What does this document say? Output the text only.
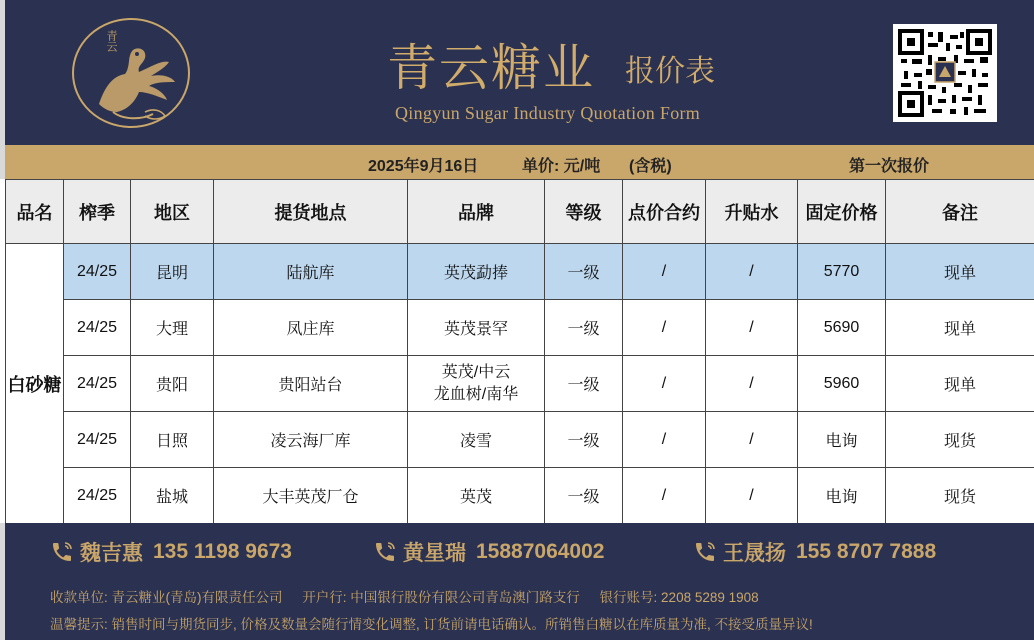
青云	青云糖业 报价表
Qingyun Sugar Industry Quotation Form
2025年9月16日	单价: 元/吨 (含税)	第一次报价
品名	榨季	地区	提货地点	品牌	等级	点价合约	升贴水	固定价格	备注
白砂糖	24/25	昆明	陆航库	英茂勐捧	一级	/	/	5770	现单
	24/25	大理	凤庄库	英茂景罕	一级	/	/	5690	现单
	24/25	贵阳	贵阳站台	英茂/中云
龙血树/南华	一级	/	/	5960	现单
	24/25	日照	凌云海厂库	凌雪	一级	/	/	电询	现货
	24/25	盐城	大丰英茂厂仓	英茂	一级	/	/	电询	现货
魏吉惠 135 1198 9673	黄星瑞 15887064002	王晟扬 155 8707 7888
收款单位: 青云糖业(青岛)有限责任公司 开户行: 中国银行股份有限公司青岛澳门路支行 银行账号: 2208 5289 1908
温馨提示: 销售时间与期货同步, 价格及数量会随行情变化调整, 订货前请电话确认。所销售白糖以在库质量为准, 不接受质量异议!
